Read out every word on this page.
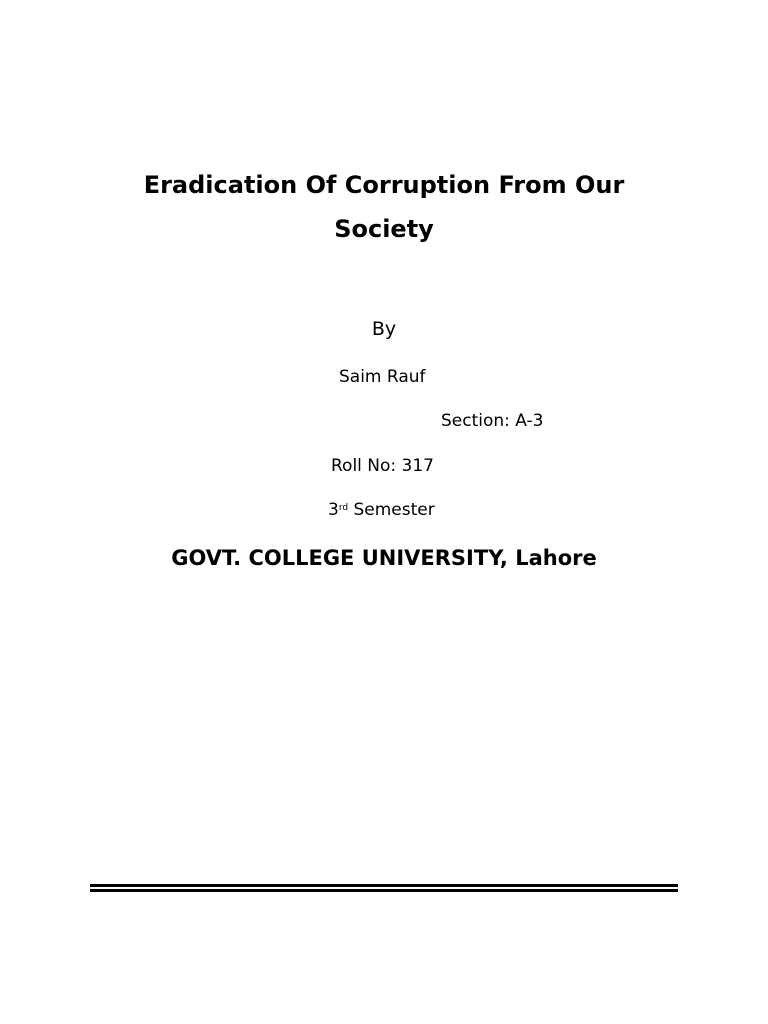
Eradication Of Corruption From Our
Society
By
Saim Rauf
Section: A-3
Roll No: 317
3rd Semester
GOVT. COLLEGE UNIVERSITY, Lahore
